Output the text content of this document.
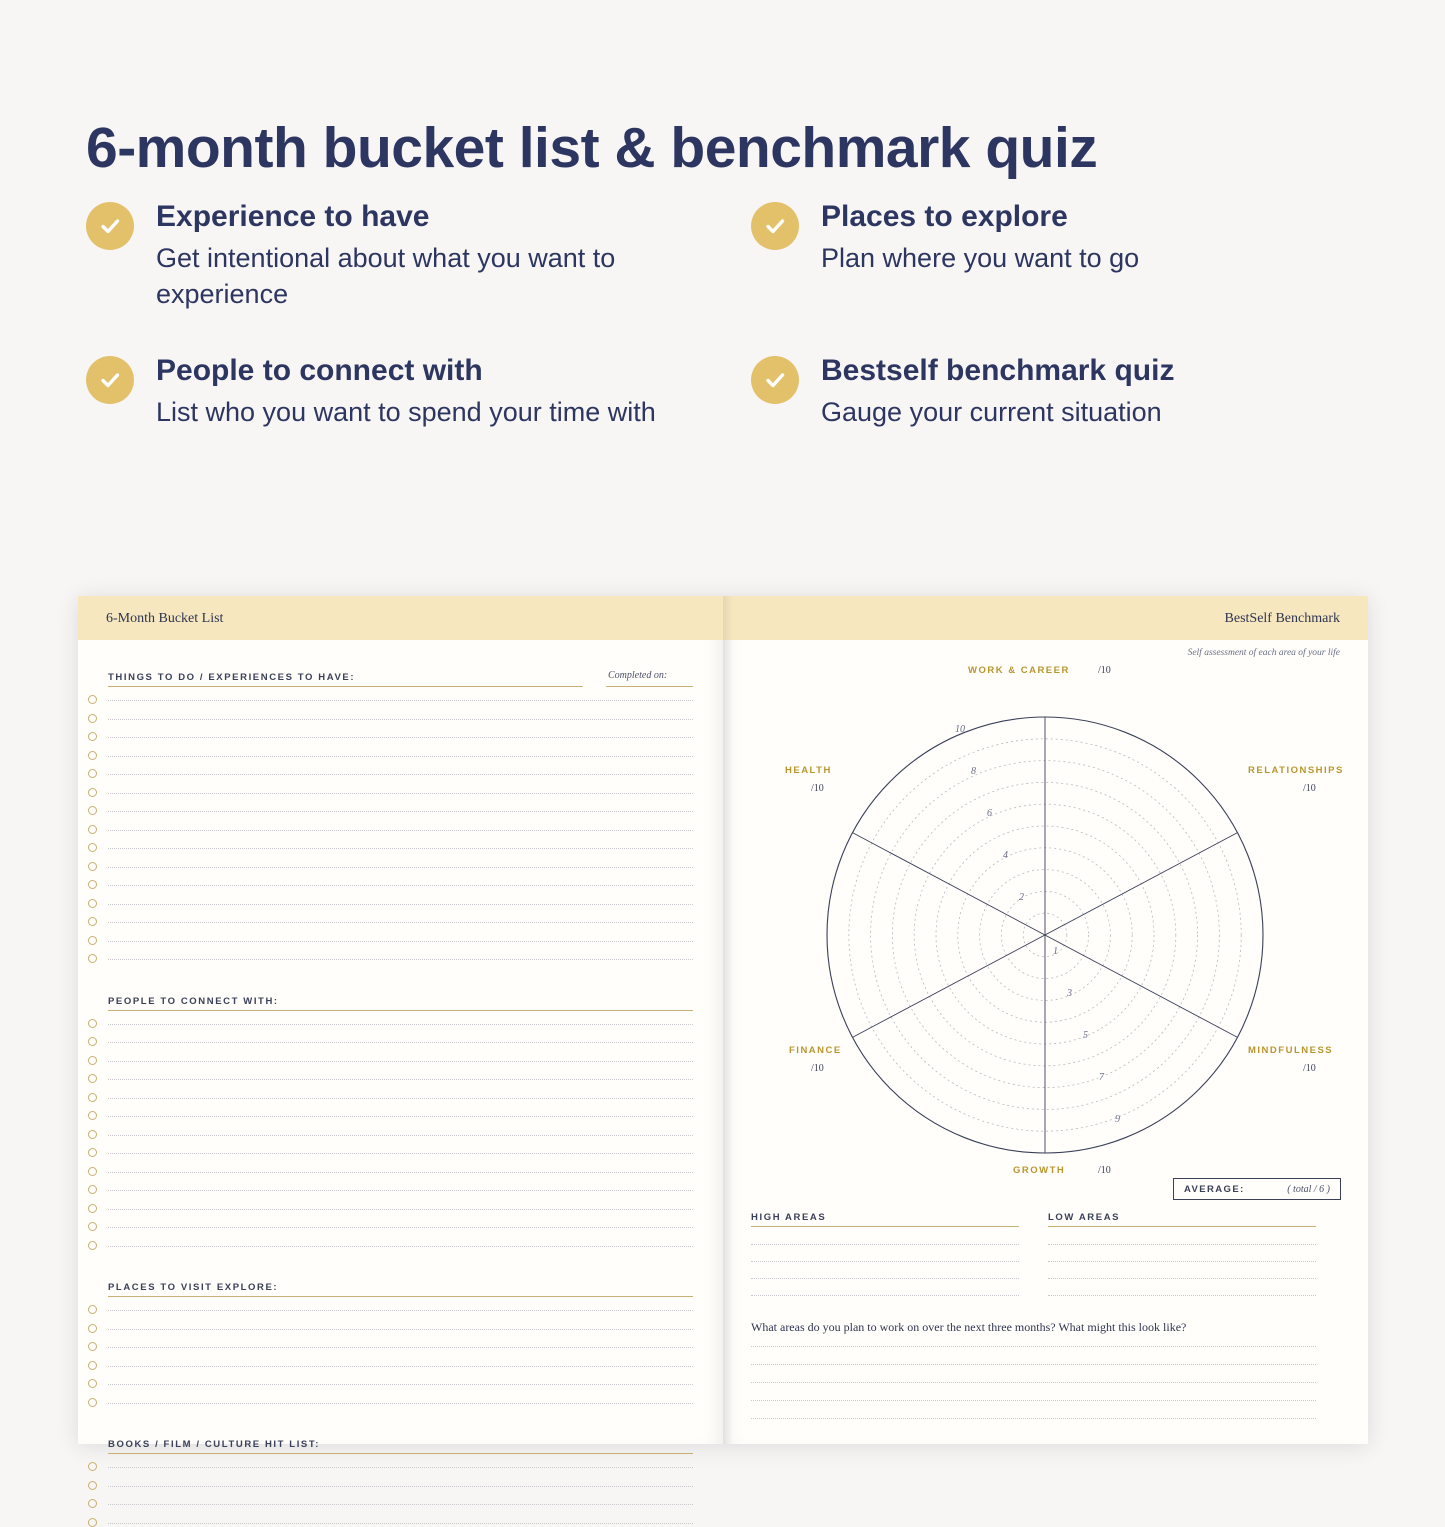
6-month bucket list & benchmark quiz
Experience to have
Get intentional about what you want to experience
Places to explore
Plan where you want to go
People to connect with
List who you want to spend your time with
Bestself benchmark quiz
Gauge your current situation
6-Month Bucket List
THINGS TO DO / EXPERIENCES TO HAVE:	Completed on:
PEOPLE TO CONNECT WITH:
PLACES TO VISIT EXPLORE:
BOOKS / FILM / CULTURE HIT LIST:
BestSelf Benchmark
Self assessment of each area of your life
10
8
6
4
2
1
3
5
7
9
WORK & CAREER	/10
RELATIONSHIPS
/10
MINDFULNESS
/10
GROWTH	/10
FINANCE
/10
HEALTH
/10
AVERAGE:	( total / 6 )
HIGH AREAS	LOW AREAS
What areas do you plan to work on over the next three months? What might this look like?
